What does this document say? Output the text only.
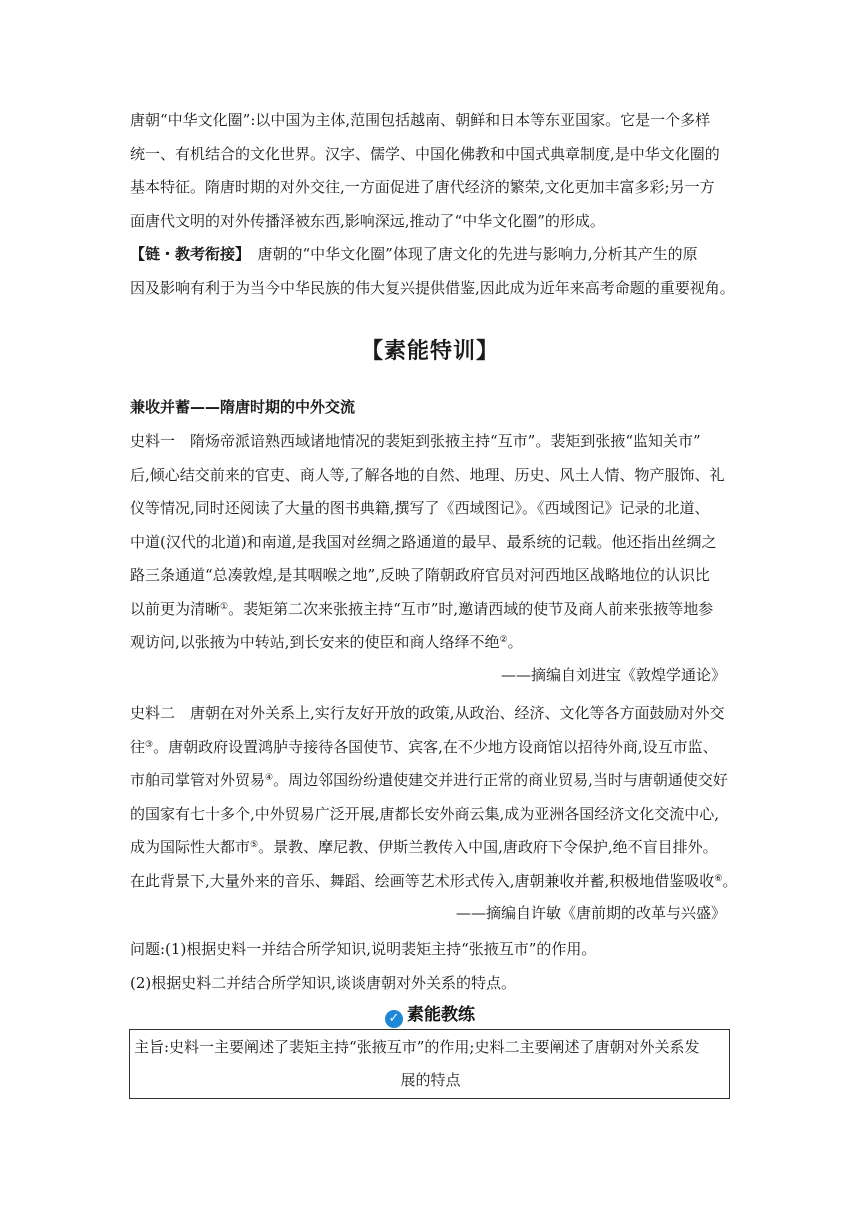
唐朝“中华文化圈”:以中国为主体,范围包括越南、朝鲜和日本等东亚国家。它是一个多样
统一、有机结合的文化世界。汉字、儒学、中国化佛教和中国式典章制度,是中华文化圈的
基本特征。隋唐时期的对外交往,一方面促进了唐代经济的繁荣,文化更加丰富多彩;另一方
面唐代文明的对外传播泽被东西,影响深远,推动了“中华文化圈”的形成。
【链・教考衔接】　唐朝的“中华文化圈”体现了唐文化的先进与影响力,分析其产生的原
因及影响有利于为当今中华民族的伟大复兴提供借鉴,因此成为近年来高考命题的重要视角。
【素能特训】
兼收并蓄——隋唐时期的中外交流
史料一　隋炀帝派谙熟西域诸地情况的裴矩到张掖主持“互市”。裴矩到张掖“监知关市”
后,倾心结交前来的官吏、商人等,了解各地的自然、地理、历史、风土人情、物产服饰、礼
仪等情况,同时还阅读了大量的图书典籍,撰写了《西域图记》。《西域图记》记录的北道、
中道(汉代的北道)和南道,是我国对丝绸之路通道的最早、最系统的记载。他还指出丝绸之
路三条通道“总凑敦煌,是其咽喉之地”,反映了隋朝政府官员对河西地区战略地位的认识比
以前更为清晰①。裴矩第二次来张掖主持“互市”时,邀请西域的使节及商人前来张掖等地参
观访问,以张掖为中转站,到长安来的使臣和商人络绎不绝②。
——摘编自刘进宝《敦煌学通论》
史料二　唐朝在对外关系上,实行友好开放的政策,从政治、经济、文化等各方面鼓励对外交
往③。唐朝政府设置鸿胪寺接待各国使节、宾客,在不少地方设商馆以招待外商,设互市监、
市舶司掌管对外贸易④。周边邻国纷纷遣使建交并进行正常的商业贸易,当时与唐朝通使交好
的国家有七十多个,中外贸易广泛开展,唐都长安外商云集,成为亚洲各国经济文化交流中心,
成为国际性大都市⑤。景教、摩尼教、伊斯兰教传入中国,唐政府下令保护,绝不盲目排外。
在此背景下,大量外来的音乐、舞蹈、绘画等艺术形式传入,唐朝兼收并蓄,积极地借鉴吸收⑥。
——摘编自许敏《唐前期的改革与兴盛》
问题:(1)根据史料一并结合所学知识,说明裴矩主持“张掖互市”的作用。
(2)根据史料二并结合所学知识,谈谈唐朝对外关系的特点。
✓ 素能教练
主旨:史料一主要阐述了裴矩主持“张掖互市”的作用;史料二主要阐述了唐朝对外关系发
展的特点
